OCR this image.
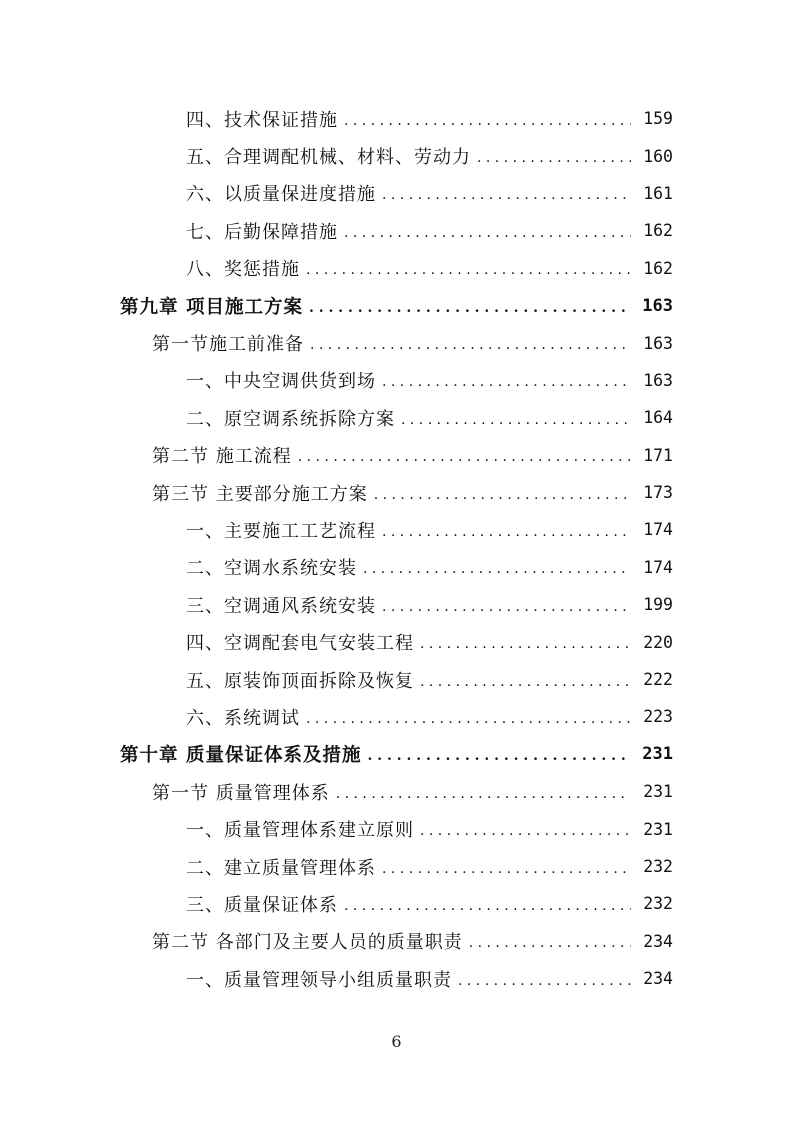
四、技术保证措施 . . .	159
五、合理调配机械、材料、劳动力 . . .	160
六、以质量保进度措施 . . .	161
七、后勤保障措施 . . .	162
八、奖惩措施 . . .	162
第九章 项目施工方案 . . .	163
第一节施工前准备 . . .	163
一、中央空调供货到场 . . .	163
二、原空调系统拆除方案 . . .	164
第二节 施工流程 . . .	171
第三节 主要部分施工方案 . . .	173
一、主要施工工艺流程 . . .	174
二、空调水系统安装 . . .	174
三、空调通风系统安装 . . .	199
四、空调配套电气安装工程 . . .	220
五、原装饰顶面拆除及恢复 . . .	222
六、系统调试 . . .	223
第十章 质量保证体系及措施 . . .	231
第一节 质量管理体系 . . .	231
一、质量管理体系建立原则 . . .	231
二、建立质量管理体系 . . .	232
三、质量保证体系 . . .	232
第二节 各部门及主要人员的质量职责 . . .	234
一、质量管理领导小组质量职责 . . .	234
6
